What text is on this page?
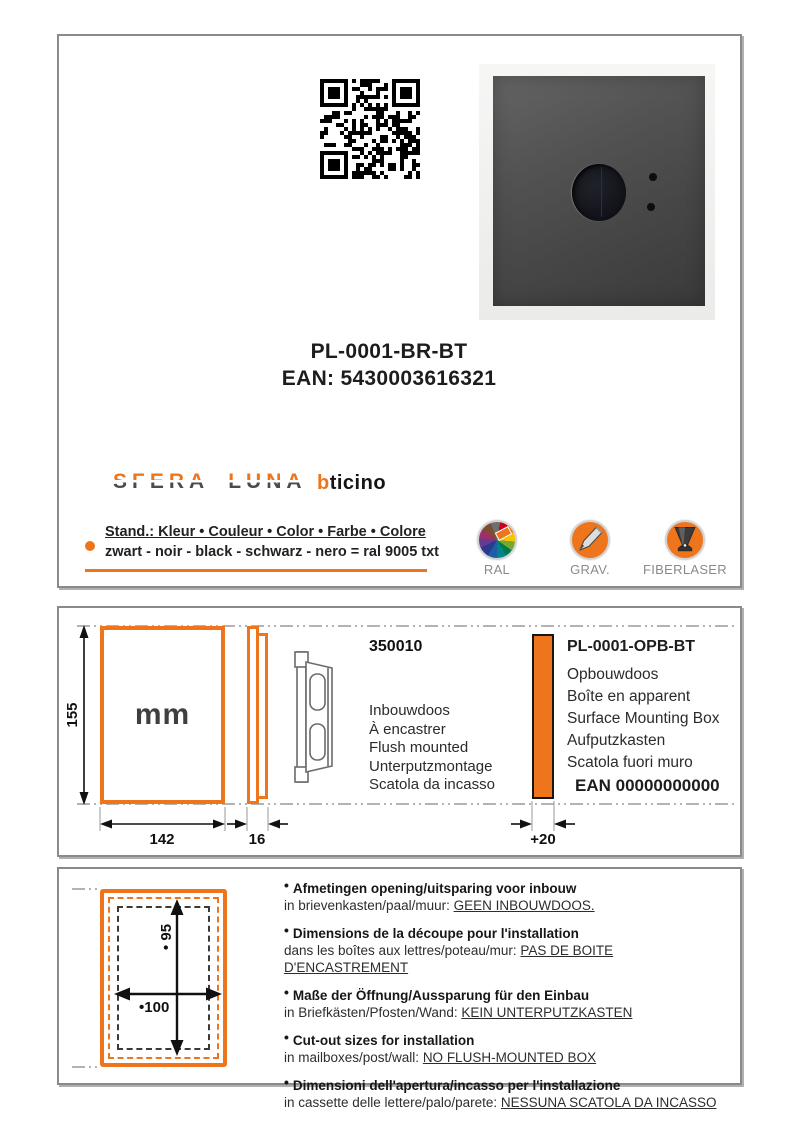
PL-0001-BR-BT
EAN: 5430003616321
SFERA LUNA bticino
Stand.: Kleur • Couleur • Color • Farbe • Colore
zwart - noir - black - schwarz - nero = ral 9005 txt
RAL	GRAV.	FIBERLASER
mm
155
142	16
350010
Inbouwdoos
À encastrer
Flush mounted
Unterputzmontage
Scatola da incasso
+20
PL-0001-OPB-BT
Opbouwdoos
Boîte en apparent
Surface Mounting Box
Aufputzkasten
Scatola fuori muro
EAN 00000000000
• 95
•100
• Afmetingen opening/uitsparing voor inbouw
in brievenkasten/paal/muur: GEEN INBOUWDOOS.
• Dimensions de la découpe pour l'installation
dans les boîtes aux lettres/poteau/mur: PAS DE BOITE D'ENCASTREMENT
• Maße der Öffnung/Aussparung für den Einbau
in Briefkästen/Pfosten/Wand: KEIN UNTERPUTZKASTEN
• Cut-out sizes for installation
in mailboxes/post/wall: NO FLUSH-MOUNTED BOX
• Dimensioni dell'apertura/incasso per l'installazione
in cassette delle lettere/palo/parete: NESSUNA SCATOLA DA INCASSO
